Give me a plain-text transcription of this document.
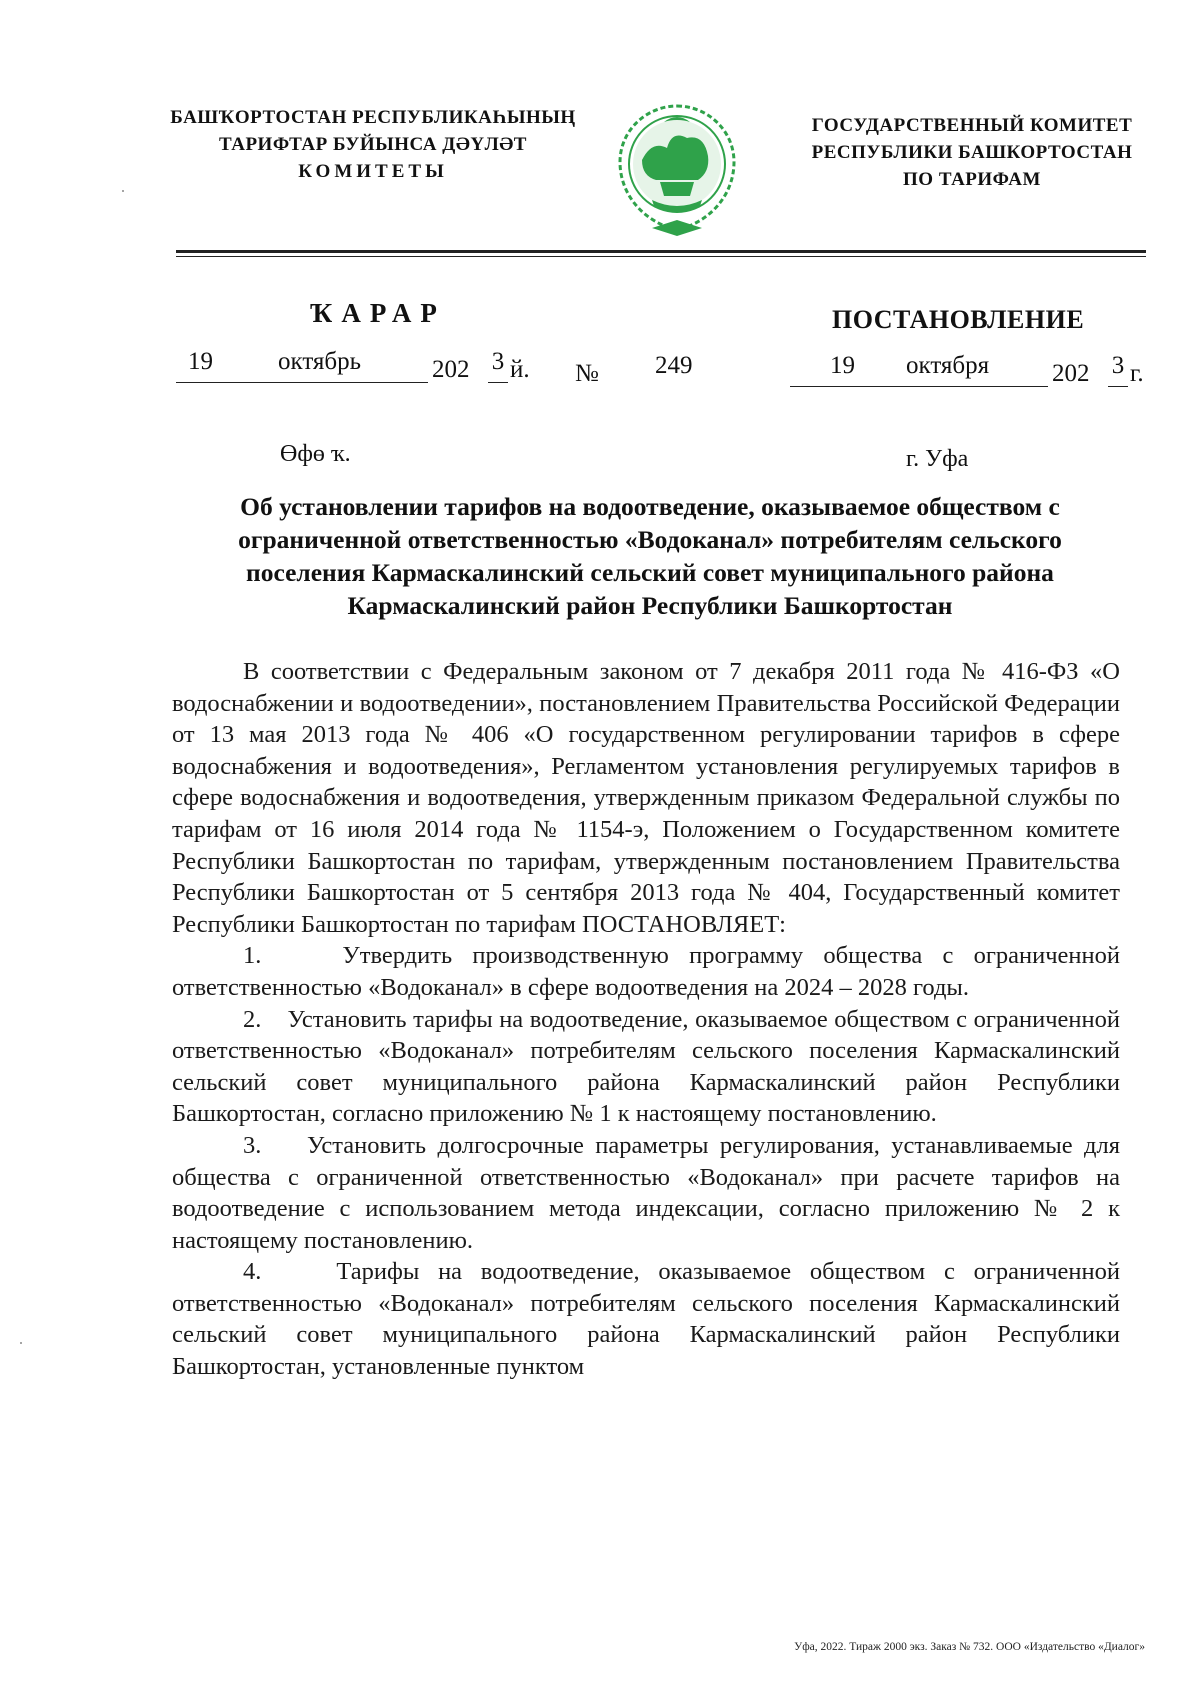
БАШҠОРТОСТАН РЕСПУБЛИКАҺЫНЫҢ
ТАРИФТАР БУЙЫНСА ДӘҮЛӘТ
КОМИТЕТЫ
ГОСУДАРСТВЕННЫЙ КОМИТЕТ
РЕСПУБЛИКИ БАШКОРТОСТАН
ПО ТАРИФАМ
ҠАРАР	ПОСТАНОВЛЕНИЕ
19	октябрь	202 3 й. № 249	19 октября	202 3 г.
Өфө ҡ.	г. Уфа
Об установлении тарифов на водоотведение, оказываемое обществом с
ограниченной ответственностью «Водоканал» потребителям сельского
поселения Кармаскалинский сельский совет муниципального района
Кармаскалинский район Республики Башкортостан

В соответствии с Федеральным законом от 7 декабря 2011 года № 416-ФЗ «О водоснабжении и водоотведении», постановлением Правительства Российской Федерации от 13 мая 2013 года № 406 «О государственном регулировании тарифов в сфере водоснабжения и водоотведения», Регламентом установления регулируемых тарифов в сфере водоснабжения и водоотведения, утвержденным приказом Федеральной службы по тарифам от 16 июля 2014 года № 1154-э, Положением о Государственном комитете Республики Башкортостан по тарифам, утвержденным постановлением Правительства Республики Башкортостан от 5 сентября 2013 года № 404, Государственный комитет Республики Башкортостан по тарифам ПОСТАНОВЛЯЕТ:

1.	Утвердить производственную программу общества с ограниченной ответственностью «Водоканал» в сфере водоотведения на 2024 – 2028 годы.

2. Установить тарифы на водоотведение, оказываемое обществом с ограниченной ответственностью «Водоканал» потребителям сельского поселения Кармаскалинский сельский совет муниципального района Кармаскалинский район Республики Башкортостан, согласно приложению № 1 к настоящему постановлению.

3. Установить долгосрочные параметры регулирования, устанавливаемые для общества с ограниченной ответственностью «Водоканал» при расчете тарифов на водоотведение с использованием метода индексации, согласно приложению № 2 к настоящему постановлению.

4.	Тарифы на водоотведение, оказываемое обществом с ограниченной ответственностью «Водоканал» потребителям сельского поселения Кармаскалинский сельский совет муниципального района Кармаскалинский район Республики Башкортостан, установленные пунктом

Уфа, 2022. Тираж 2000 экз. Заказ № 732. ООО «Издательство «Диалог»
